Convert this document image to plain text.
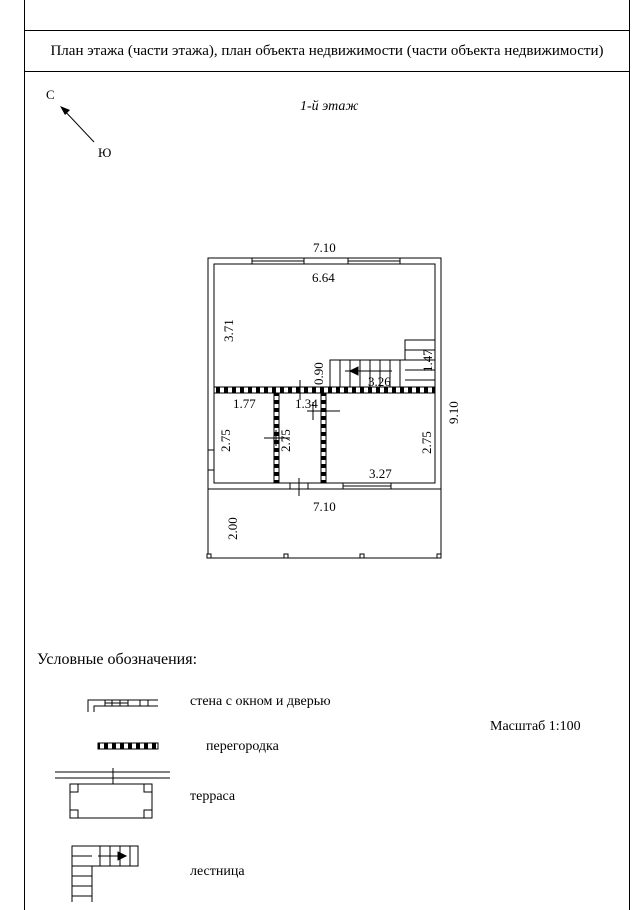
План этажа (части этажа), план объекта недвижимости (части объекта недвижимости)
1-й этаж
С
Ю
7.10
6.64
3.71
0.90	3.26
1.47
9.10
1.77	1.34
2.75	2.75	2.75
3.27
7.10
2.00
Условные обозначения:
стена с окном и дверью
перегородка
терраса
лестница
Масштаб 1:100
